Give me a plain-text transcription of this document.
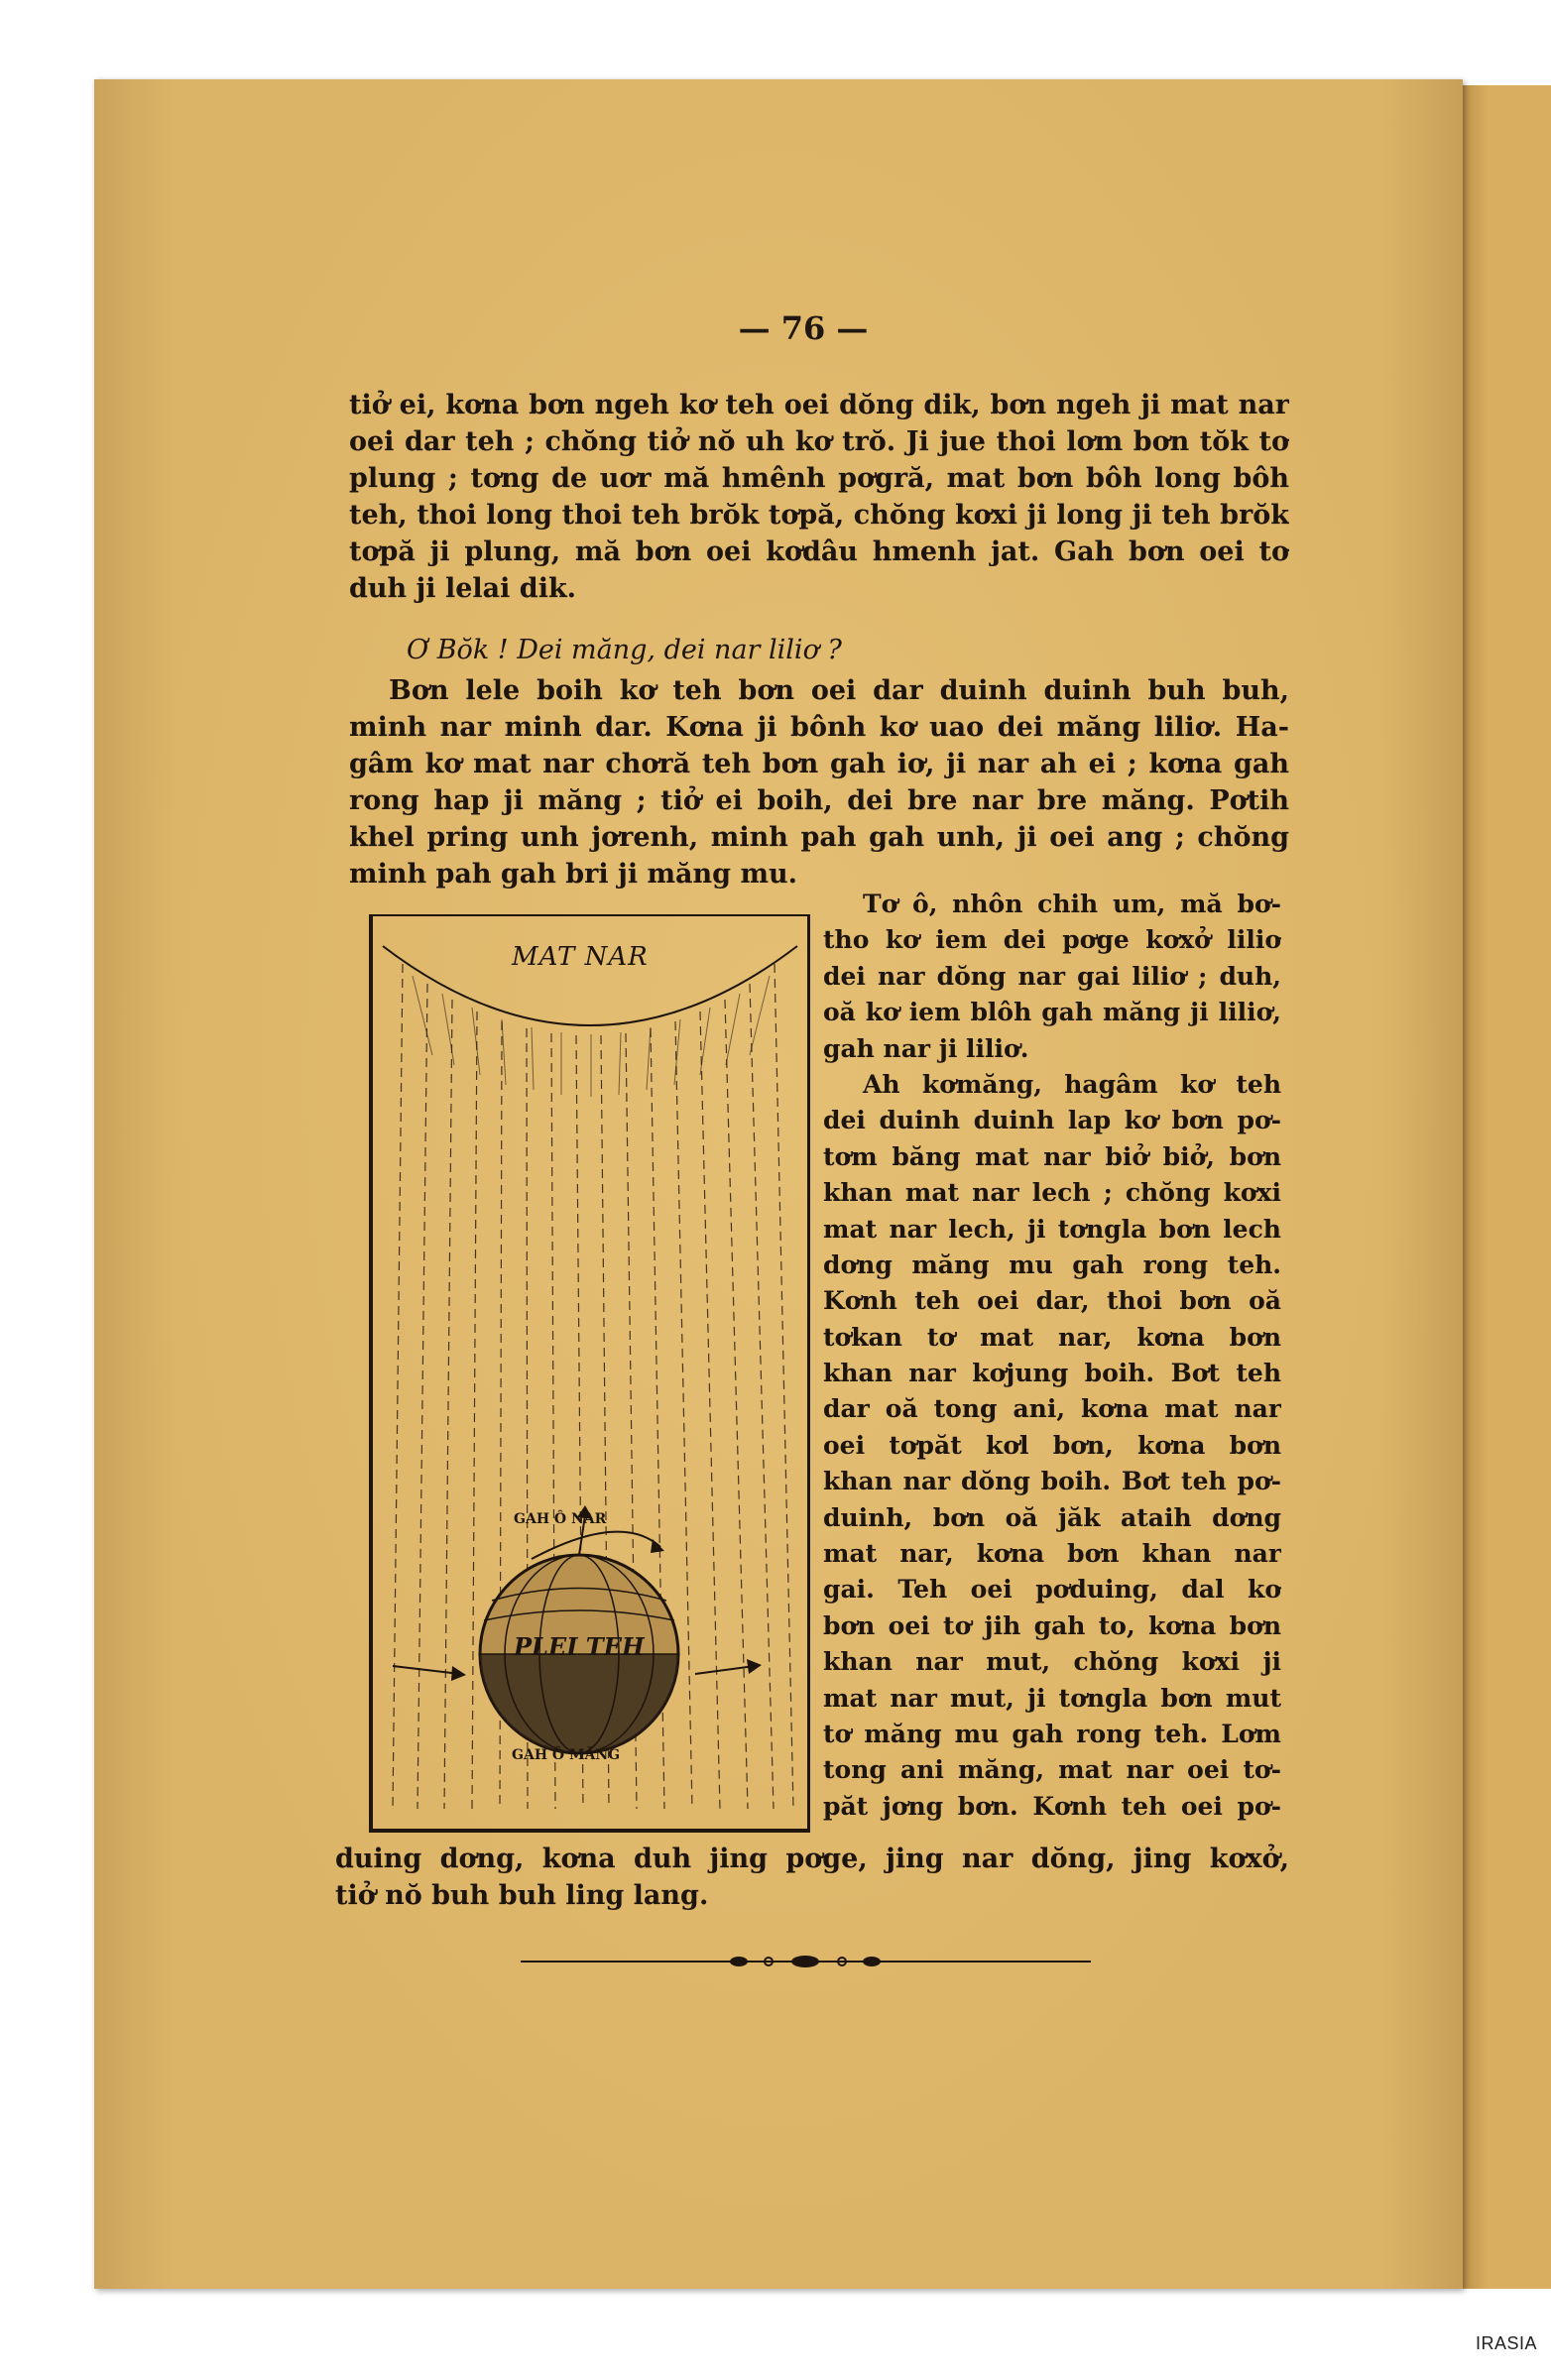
— 76 —
tiở ei, kơna bơn ngeh kơ teh oei dŏng dik, bơn ngeh ji mat nar
oei dar teh ; chŏng tiở nŏ uh kơ trŏ. Ji jue thoi lơm bơn tŏk tơ
plung ; tơng de uơr mă hmênh pơgră, mat bơn bôh long bôh
teh, thoi long thoi teh brŏk tơpă, chŏng kơxi ji long ji teh brŏk
tơpă ji plung, mă bơn oei kơdâu hmenh jat. Gah bơn oei tơ
duh ji lelai dik.

Ơ Bŏk ! Dei măng, dei nar liliơ ?

Bơn lele boih kơ teh bơn oei dar duinh duinh buh buh,
minh nar minh dar. Kơna ji bônh kơ uao dei măng liliơ. Ha-
gâm kơ mat nar chơră teh bơn gah iơ, ji nar ah ei ; kơna gah
rong hap ji măng ; tiở ei boih, dei bre nar bre măng. Pơtih
khel pring unh jơrenh, minh pah gah unh, ji oei ang ; chŏng
minh pah gah bri ji măng mu.
MAT NAR
GAH Ô NAR
PLEI TEH
GAH Ô MĂNG
Tơ ô, nhôn chih um, mă bơ-
tho kơ iem dei pơge kơxở liliơ
dei nar dŏng nar gai liliơ ; duh,
oă kơ iem blôh gah măng ji liliơ,
gah nar ji liliơ.
Ah kơmăng, hagâm kơ teh
dei duinh duinh lap kơ bơn pơ-
tơm băng mat nar biở biở, bơn
khan mat nar lech ; chŏng kơxi
mat nar lech, ji tơngla bơn lech
dơng măng mu gah rong teh.
Kơnh teh oei dar, thoi bơn oă
tơkan tơ mat nar, kơna bơn
khan nar kơjung boih. Bơt teh
dar oă tong ani, kơna mat nar
oei tơpăt kơl bơn, kơna bơn
khan nar dŏng boih. Bơt teh pơ-
duinh, bơn oă jăk ataih dơng
mat nar, kơna bơn khan nar
gai. Teh oei pơduing, dal kơ
bơn oei tơ jih gah to, kơna bơn
khan nar mut, chŏng kơxi ji
mat nar mut, ji tơngla bơn mut
tơ măng mu gah rong teh. Lơm
tong ani măng, mat nar oei tơ-
păt jơng bơn. Kơnh teh oei pơ-
duing dơng, kơna duh jing pơge, jing nar dŏng, jing kơxở,
tiở nŏ buh buh ling lang.
IRASIA
